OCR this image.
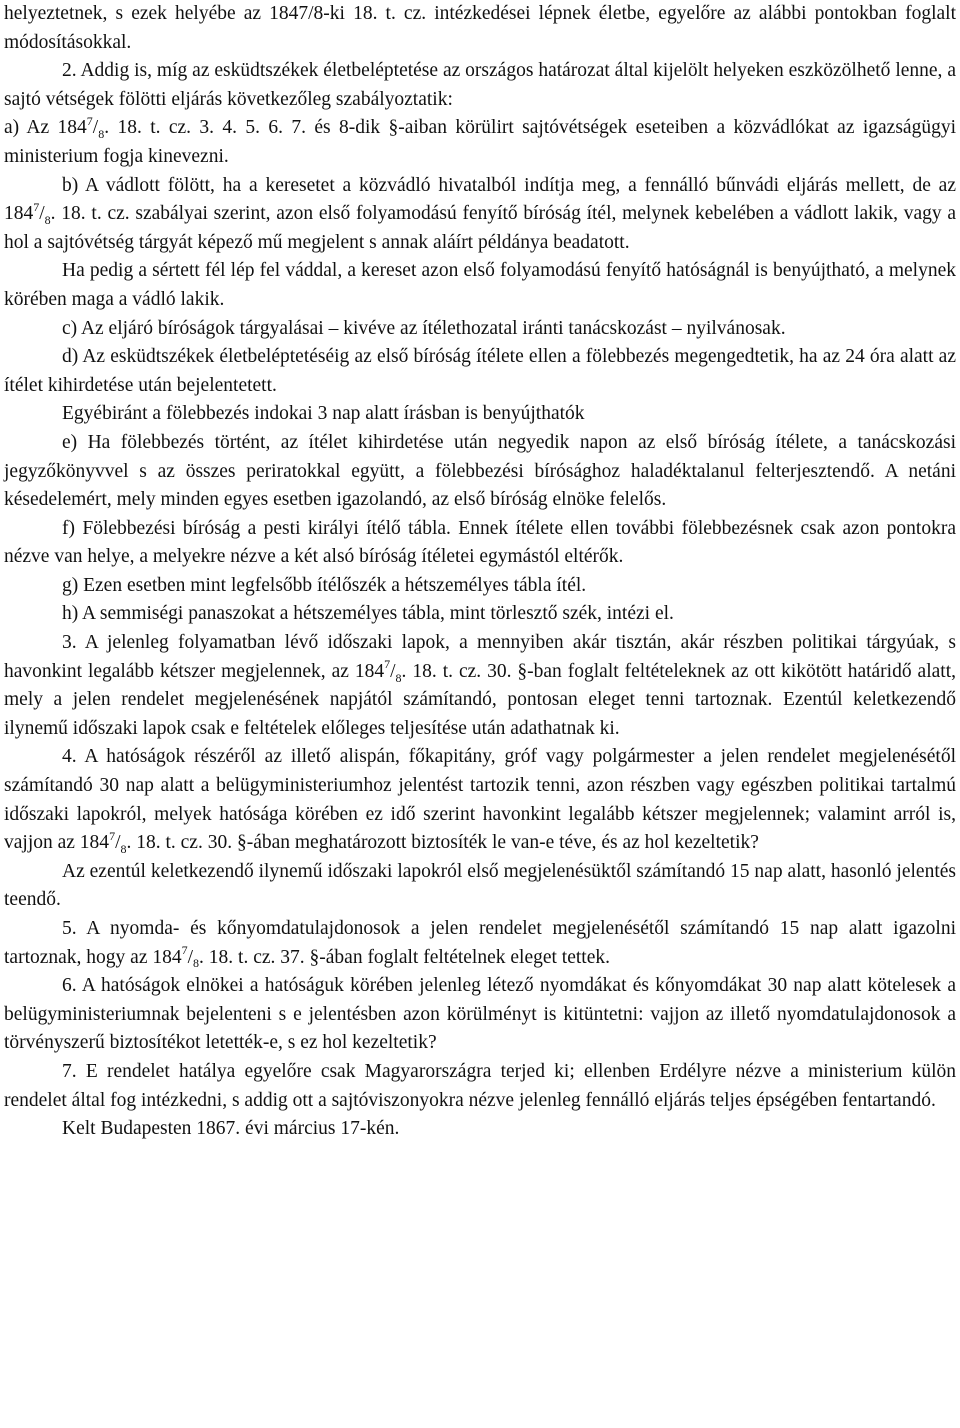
helyeztetnek, s ezek helyébe az 1847/8-ki 18. t. cz. intézkedései lépnek életbe, egyelőre az alábbi pontokban foglalt módosításokkal.

2. Addig is, míg az esküdtszékek életbeléptetése az országos határozat által kijelölt helyeken eszközölhető lenne, a sajtó vétségek fölötti eljárás következőleg szabályoztatik:

a) Az $184^7/_8$. 18. t. cz. 3. 4. 5. 6. 7. és 8-dik §-aiban körülirt sajtóvétségek eseteiben a közvádlókat az igazságügyi ministerium fogja kinevezni.

b) A vádlott fölött, ha a keresetet a közvádló hivatalból indítja meg, a fennálló bűnvádi eljárás mellett, de az $184^7/_8$. 18. t. cz. szabályai szerint, azon első folyamodású fenyítő bíróság ítél, melynek kebelében a vádlott lakik, vagy a hol a sajtóvétség tárgyát képező mű megjelent s annak aláírt példánya beadatott.

Ha pedig a sértett fél lép fel váddal, a kereset azon első folyamodású fenyítő hatóságnál is benyújtható, a melynek körében maga a vádló lakik.

c) Az eljáró bíróságok tárgyalásai – kivéve az ítélethozatal iránti tanácskozást – nyilvánosak.

d) Az esküdtszékek életbeléptetéséig az első bíróság ítélete ellen a fölebbezés megengedtetik, ha az 24 óra alatt az ítélet kihirdetése után bejelentetett.

Egyébiránt a fölebbezés indokai 3 nap alatt írásban is benyújthatók

e) Ha fölebbezés történt, az ítélet kihirdetése után negyedik napon az első bíróság ítélete, a tanácskozási jegyzőkönyvvel s az összes periratokkal együtt, a fölebbezési bírósághoz haladéktalanul felterjesztendő. A netáni késedelemért, mely minden egyes esetben igazolandó, az első bíróság elnöke felelős.

f) Fölebbezési bíróság a pesti királyi ítélő tábla. Ennek ítélete ellen további fölebbezésnek csak azon pontokra nézve van helye, a melyekre nézve a két alsó bíróság ítéletei egymástól eltérők.

g) Ezen esetben mint legfelsőbb ítélőszék a hétszemélyes tábla ítél.

h) A semmiségi panaszokat a hétszemélyes tábla, mint törlesztő szék, intézi el.

3. A jelenleg folyamatban lévő időszaki lapok, a mennyiben akár tisztán, akár részben politikai tárgyúak, s havonkint legalább kétszer megjelennek, az $184^7/_8$. 18. t. cz. 30. §-ban foglalt feltételeknek az ott kikötött határidő alatt, mely a jelen rendelet megjelenésének napjától számítandó, pontosan eleget tenni tartoznak. Ezentúl keletkezendő ilynemű időszaki lapok csak e feltételek előleges teljesítése után adathatnak ki.

4. A hatóságok részéről az illető alispán, főkapitány, gróf vagy polgármester a jelen rendelet megjelenésétől számítandó 30 nap alatt a belügyministeriumhoz jelentést tartozik tenni, azon részben vagy egészben politikai tartalmú időszaki lapokról, melyek hatósága körében ez idő szerint havonkint legalább kétszer megjelennek; valamint arról is, vajjon az $184^7/_8$. 18. t. cz. 30. §-ában meghatározott biztosíték le van-e téve, és az hol kezeltetik?

Az ezentúl keletkezendő ilynemű időszaki lapokról első megjelenésüktől számítandó 15 nap alatt, hasonló jelentés teendő.

5. A nyomda- és kőnyomdatulajdonosok a jelen rendelet megjelenésétől számítandó 15 nap alatt igazolni tartoznak, hogy az $184^7/_8$. 18. t. cz. 37. §-ában foglalt feltételnek eleget tettek.

6. A hatóságok elnökei a hatóságuk körében jelenleg létező nyomdákat és kőnyomdákat 30 nap alatt kötelesek a belügyministeriumnak bejelenteni s e jelentésben azon körülményt is kitüntetni: vajjon az illető nyomdatulajdonosok a törvényszerű biztosítékot letették-e, s ez hol kezeltetik?

7. E rendelet hatálya egyelőre csak Magyarországra terjed ki; ellenben Erdélyre nézve a ministerium külön rendelet által fog intézkedni, s addig ott a sajtóviszonyokra nézve jelenleg fennálló eljárás teljes épségében fentartandó.

Kelt Budapesten 1867. évi március 17-kén.
